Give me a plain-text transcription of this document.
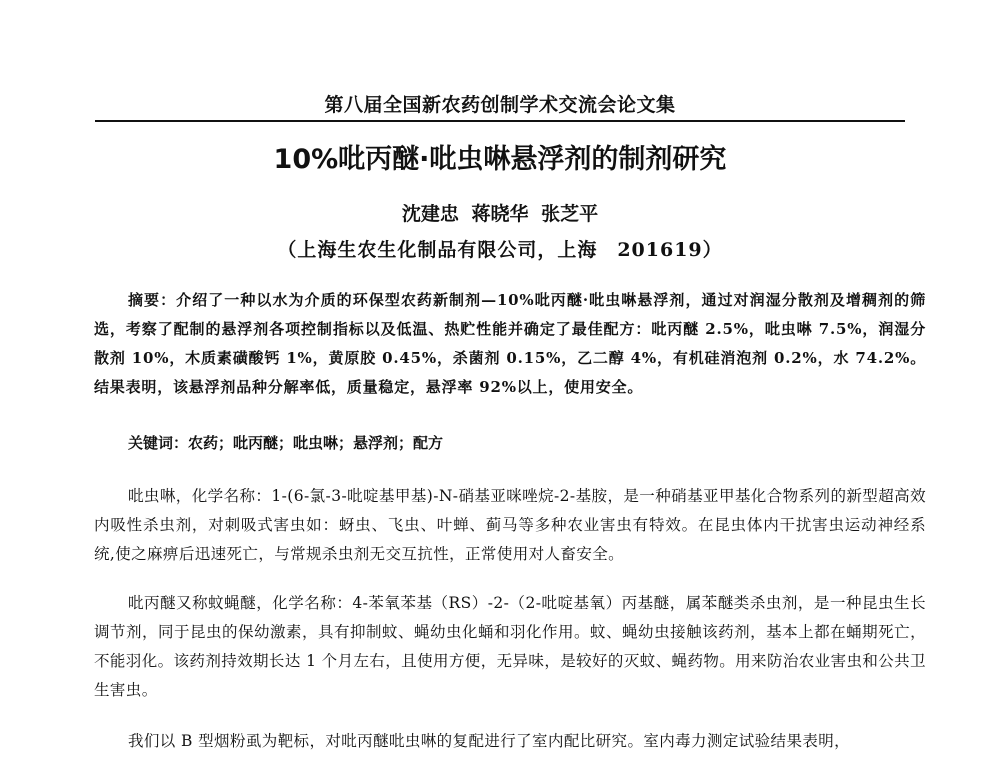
第八届全国新农药创制学术交流会论文集
10%吡丙醚·吡虫啉悬浮剂的制剂研究
沈建忠 蒋晓华 张芝平
（上海生农生化制品有限公司，上海　201619）
摘要：介绍了一种以水为介质的环保型农药新制剂—10%吡丙醚·吡虫啉悬浮剂，通过对润湿分散剂及增稠剂的筛选，考察了配制的悬浮剂各项控制指标以及低温、热贮性能并确定了最佳配方：吡丙醚 2.5%，吡虫啉 7.5%，润湿分散剂 10%，木质素磺酸钙 1%，黄原胶 0.45%，杀菌剂 0.15%，乙二醇 4%，有机硅消泡剂 0.2%，水 74.2%。结果表明，该悬浮剂品种分解率低，质量稳定，悬浮率 92%以上，使用安全。
关键词：农药；吡丙醚；吡虫啉；悬浮剂；配方
吡虫啉，化学名称：1-(6-氯-3-吡啶基甲基)-N-硝基亚咪唑烷-2-基胺，是一种硝基亚甲基化合物系列的新型超高效内吸性杀虫剂，对刺吸式害虫如：蚜虫、飞虫、叶蝉、蓟马等多种农业害虫有特效。在昆虫体内干扰害虫运动神经系统,使之麻痹后迅速死亡，与常规杀虫剂无交互抗性，正常使用对人畜安全。
吡丙醚又称蚊蝇醚，化学名称：4-苯氧苯基（RS）-2-（2-吡啶基氧）丙基醚，属苯醚类杀虫剂，是一种昆虫生长调节剂，同于昆虫的保幼激素，具有抑制蚊、蝇幼虫化蛹和羽化作用。蚊、蝇幼虫接触该药剂，基本上都在蛹期死亡，不能羽化。该药剂持效期长达 1 个月左右，且使用方便，无异味，是较好的灭蚊、蝇药物。用来防治农业害虫和公共卫生害虫。
我们以 B 型烟粉虱为靶标，对吡丙醚吡虫啉的复配进行了室内配比研究。室内毒力测定试验结果表明，
